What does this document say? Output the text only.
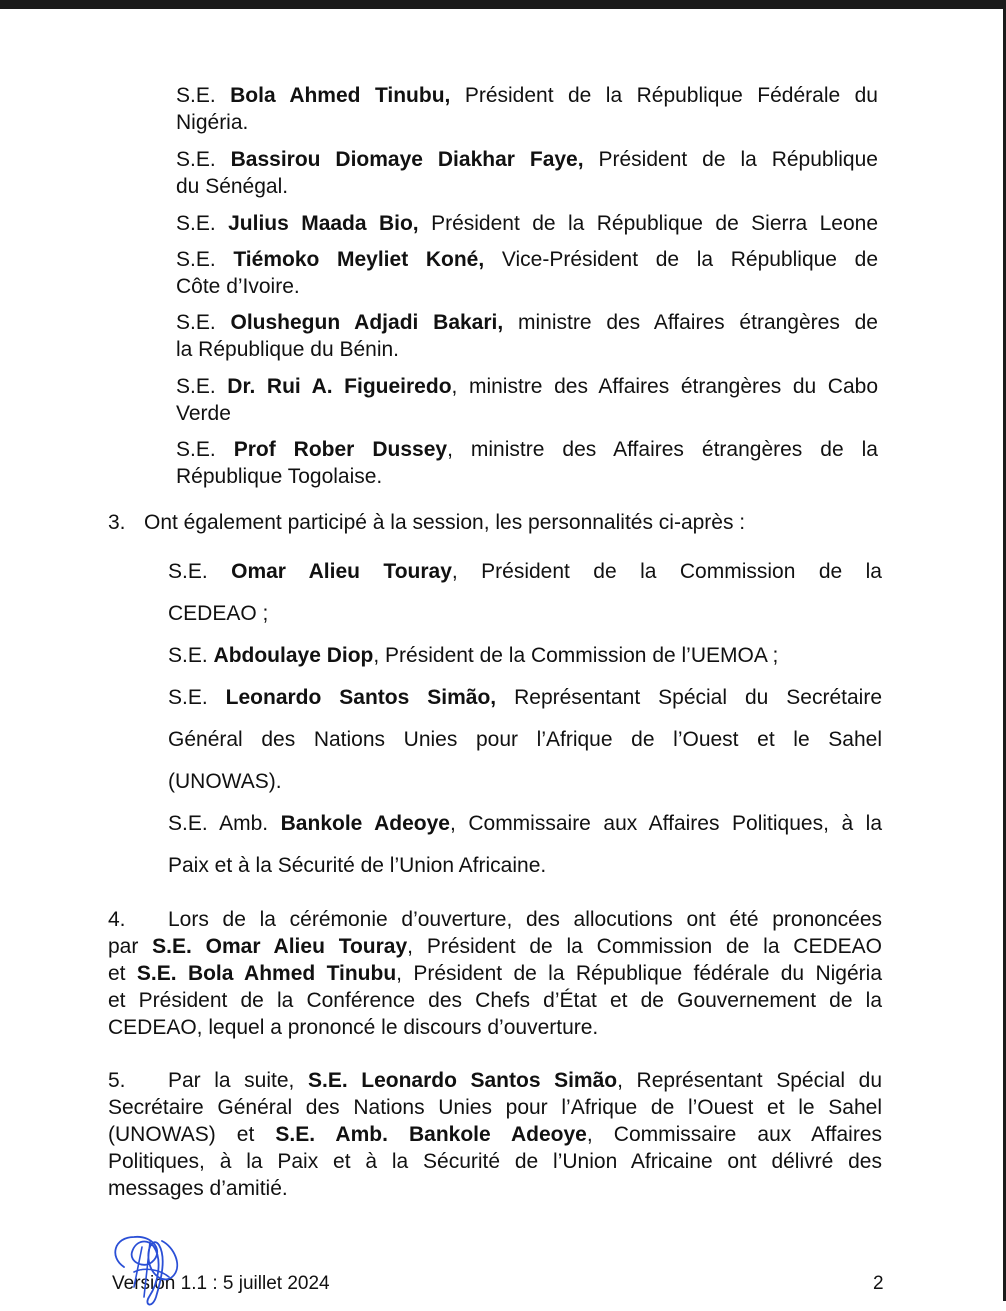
S.E. Bola Ahmed Tinubu, Président de la République Fédérale du
Nigéria.
S.E. Bassirou Diomaye Diakhar Faye, Président de la République
du Sénégal.
S.E. Julius Maada Bio, Président de la République de Sierra Leone
S.E. Tiémoko Meyliet Koné, Vice-Président de la République de
Côte d’Ivoire.
S.E. Olushegun Adjadi Bakari, ministre des Affaires étrangères de
la République du Bénin.
S.E. Dr. Rui A. Figueiredo, ministre des Affaires étrangères du Cabo
Verde
S.E. Prof Rober Dussey, ministre des Affaires étrangères de la
République Togolaise.
3. Ont également participé à la session, les personnalités ci-après :
S.E. Omar Alieu Touray, Président de la Commission de la
CEDEAO ;
S.E. Abdoulaye Diop, Président de la Commission de l’UEMOA ;
S.E. Leonardo Santos Simão, Représentant Spécial du Secrétaire
Général des Nations Unies pour l’Afrique de l’Ouest et le Sahel
(UNOWAS).
S.E. Amb. Bankole Adeoye, Commissaire aux Affaires Politiques, à la
Paix et à la Sécurité de l’Union Africaine.
4. Lors de la cérémonie d’ouverture, des allocutions ont été prononcées
par S.E. Omar Alieu Touray, Président de la Commission de la CEDEAO
et S.E. Bola Ahmed Tinubu, Président de la République fédérale du Nigéria
et Président de la Conférence des Chefs d’État et de Gouvernement de la
CEDEAO, lequel a prononcé le discours d’ouverture.
5. Par la suite, S.E. Leonardo Santos Simão, Représentant Spécial du
Secrétaire Général des Nations Unies pour l’Afrique de l’Ouest et le Sahel
(UNOWAS) et S.E. Amb. Bankole Adeoye, Commissaire aux Affaires
Politiques, à la Paix et à la Sécurité de l’Union Africaine ont délivré des
messages d’amitié.
Version 1.1 : 5 juillet 2024	2
